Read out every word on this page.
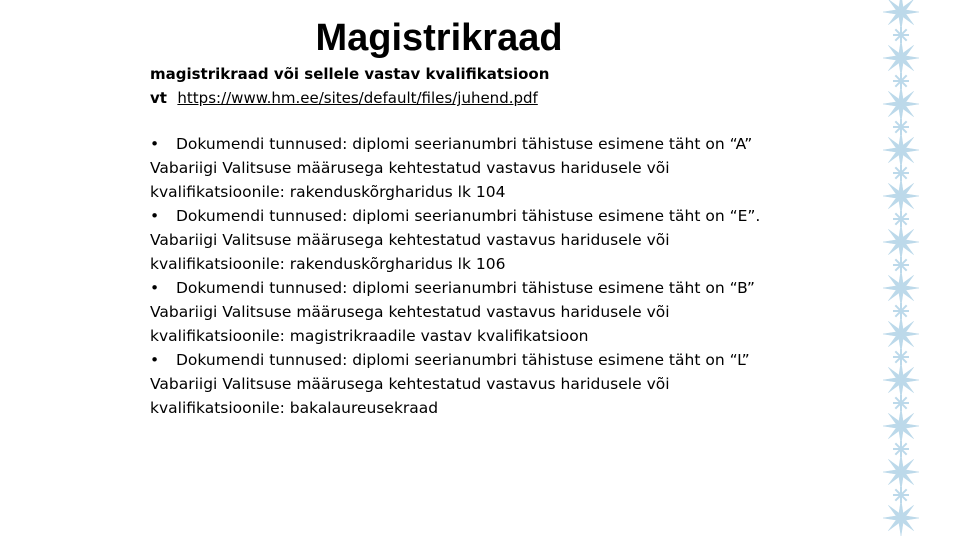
Magistrikraad
magistrikraad või sellele vastav kvalifikatsioon
vt https://www.hm.ee/sites/default/files/juhend.pdf
• Dokumendi tunnused: diplomi seerianumbri tähistuse esimene täht on “A”
Vabariigi Valitsuse määrusega kehtestatud vastavus haridusele või
kvalifikatsioonile: rakenduskõrgharidus lk 104
• Dokumendi tunnused: diplomi seerianumbri tähistuse esimene täht on “E”.
Vabariigi Valitsuse määrusega kehtestatud vastavus haridusele või
kvalifikatsioonile: rakenduskõrgharidus lk 106
• Dokumendi tunnused: diplomi seerianumbri tähistuse esimene täht on “B”
Vabariigi Valitsuse määrusega kehtestatud vastavus haridusele või
kvalifikatsioonile: magistrikraadile vastav kvalifikatsioon
• Dokumendi tunnused: diplomi seerianumbri tähistuse esimene täht on “L”
Vabariigi Valitsuse määrusega kehtestatud vastavus haridusele või
kvalifikatsioonile: bakalaureusekraad
